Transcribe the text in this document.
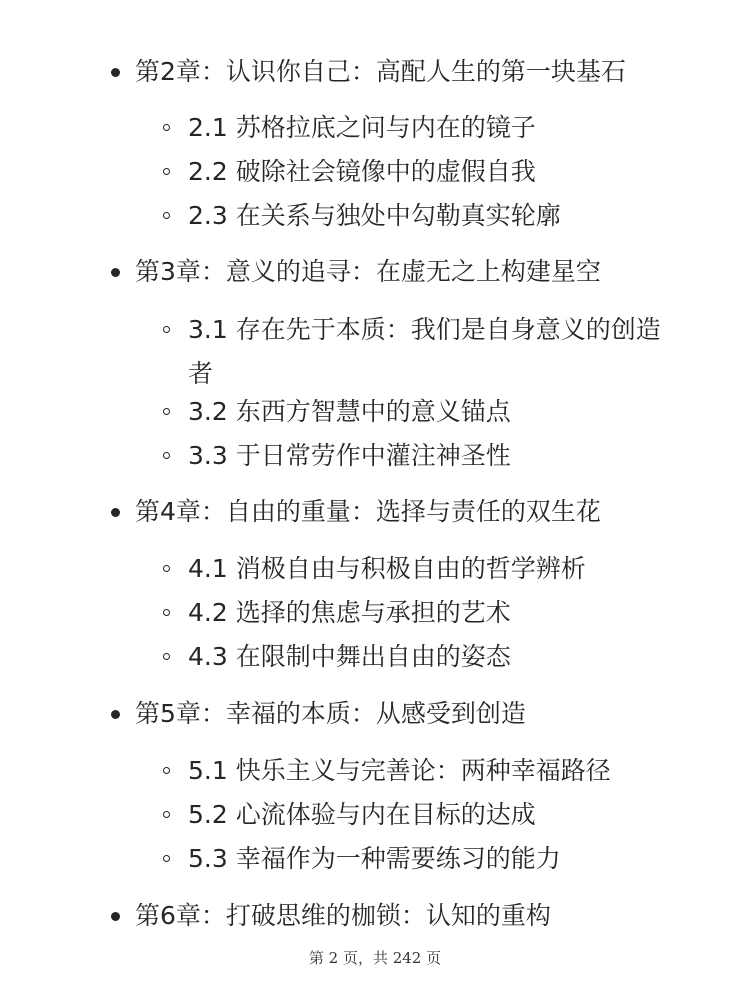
第2章：认识你自己：高配人生的第一块基石
2.1 苏格拉底之问与内在的镜子
2.2 破除社会镜像中的虚假自我
2.3 在关系与独处中勾勒真实轮廓
第3章：意义的追寻：在虚无之上构建星空
3.1 存在先于本质：我们是自身意义的创造者
3.2 东西方智慧中的意义锚点
3.3 于日常劳作中灌注神圣性
第4章：自由的重量：选择与责任的双生花
4.1 消极自由与积极自由的哲学辨析
4.2 选择的焦虑与承担的艺术
4.3 在限制中舞出自由的姿态
第5章：幸福的本质：从感受到创造
5.1 快乐主义与完善论：两种幸福路径
5.2 心流体验与内在目标的达成
5.3 幸福作为一种需要练习的能力
第6章：打破思维的枷锁：认知的重构
第 2 页，共 242 页
